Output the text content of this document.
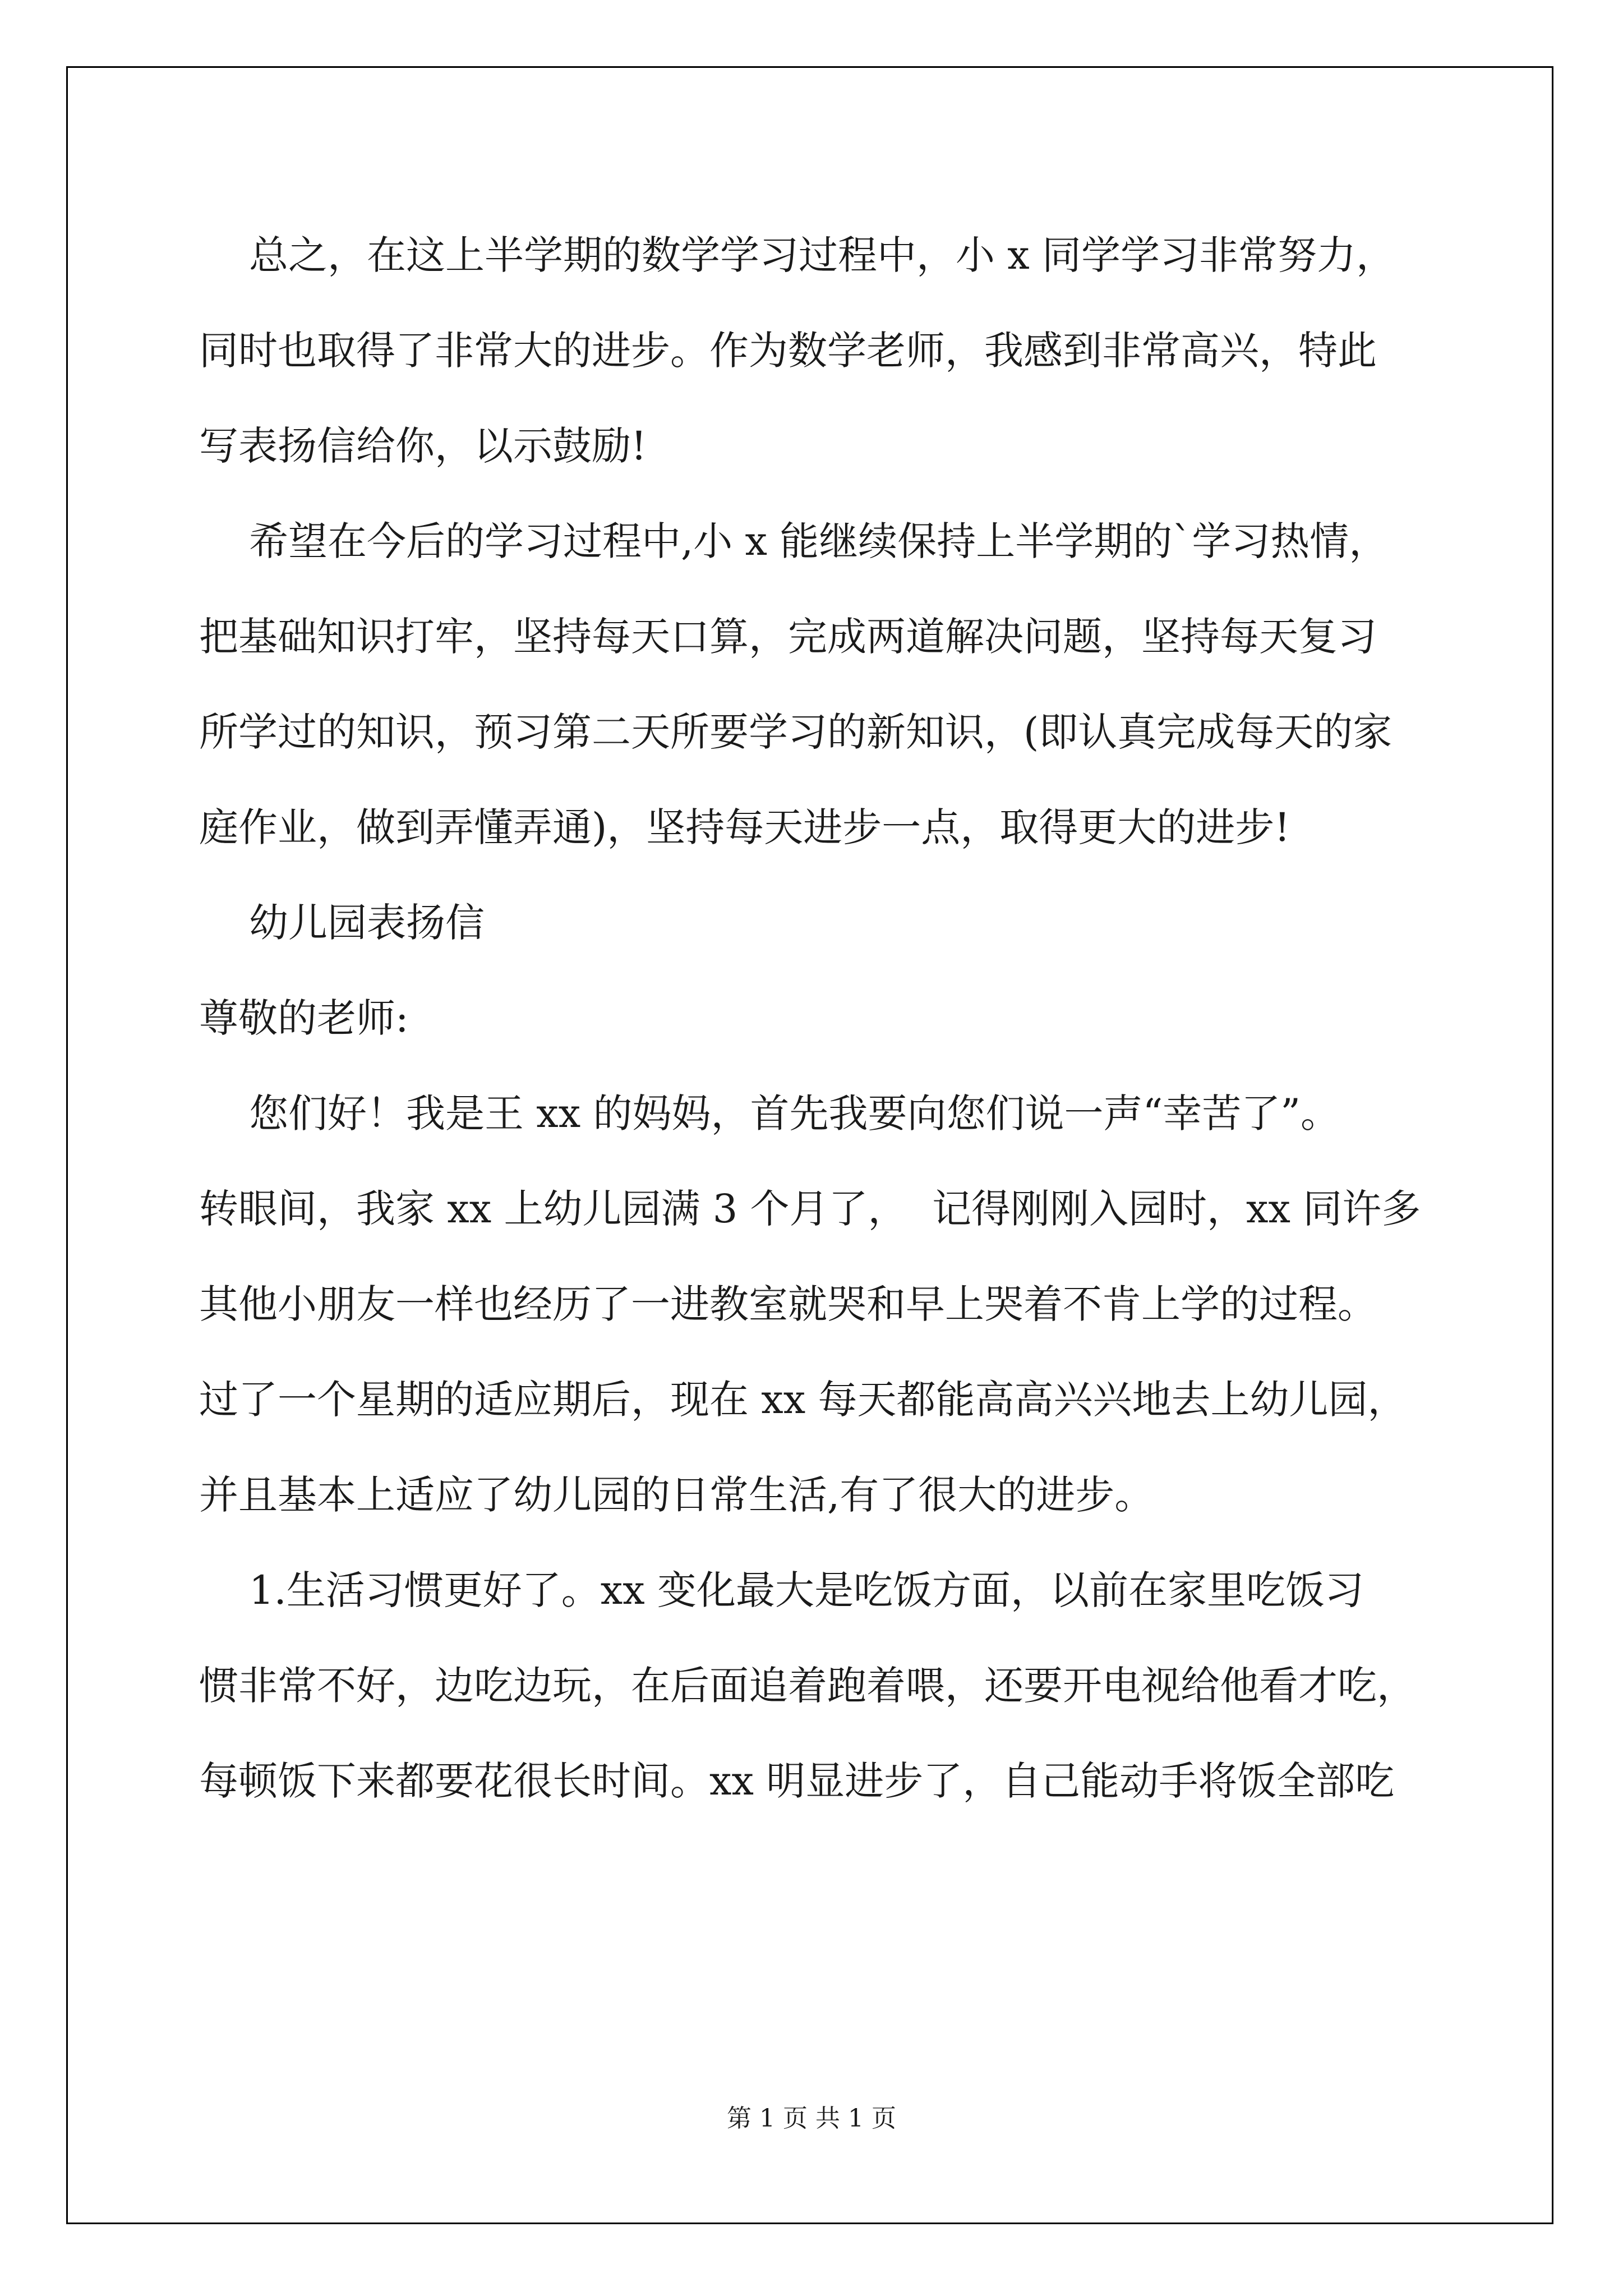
总之，在这上半学期的数学学习过程中，小 x 同学学习非常努力，
同时也取得了非常大的进步。作为数学老师，我感到非常高兴，特此
写表扬信给你，以示鼓励!
希望在今后的学习过程中,小 x 能继续保持上半学期的`学习热情，
把基础知识打牢，坚持每天口算，完成两道解决问题，坚持每天复习
所学过的知识，预习第二天所要学习的新知识，(即认真完成每天的家
庭作业，做到弄懂弄通)，坚持每天进步一点，取得更大的进步!
幼儿园表扬信
尊敬的老师:
您们好！我是王 xx 的妈妈，首先我要向您们说一声“幸苦了”。
转眼间，我家 xx 上幼儿园满 3 个月了，  记得刚刚入园时，xx 同许多
其他小朋友一样也经历了一进教室就哭和早上哭着不肯上学的过程。
过了一个星期的适应期后，现在 xx 每天都能高高兴兴地去上幼儿园，
并且基本上适应了幼儿园的日常生活,有了很大的进步。
1.生活习惯更好了。xx 变化最大是吃饭方面，以前在家里吃饭习
惯非常不好，边吃边玩，在后面追着跑着喂，还要开电视给他看才吃，
每顿饭下来都要花很长时间。xx 明显进步了，自己能动手将饭全部吃
第 1 页 共 1 页
